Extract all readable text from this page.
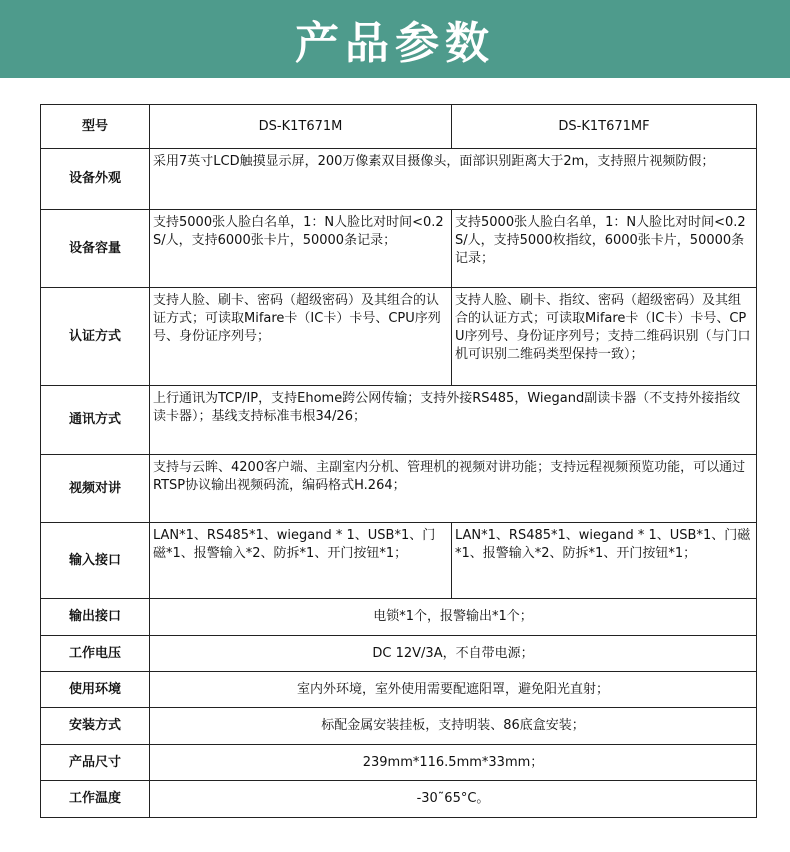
产品参数
型号	DS-K1T671M	DS-K1T671MF
设备外观	采用7英寸LCD触摸显示屏，200万像素双目摄像头，面部识别距离大于2m，支持照片视频防假；	
设备容量	支持5000张人脸白名单，1：N人脸比对时间<0.2S/人，支持6000张卡片，50000条记录；	支持5000张人脸白名单，1：N人脸比对时间<0.2S/人，支持5000枚指纹，6000张卡片，50000条记录；
认证方式	支持人脸、刷卡、密码（超级密码）及其组合的认证方式；可读取Mifare卡（IC卡）卡号、CPU序列号、身份证序列号；	支持人脸、刷卡、指纹、密码（超级密码）及其组合的认证方式；可读取Mifare卡（IC卡）卡号、CPU序列号、身份证序列号；支持二维码识别（与门口机可识别二维码类型保持一致）；
通讯方式	上行通讯为TCP/IP，支持Ehome跨公网传输；支持外接RS485，Wiegand副读卡器（不支持外接指纹读卡器）；基线支持标准韦根34/26；	
视频对讲	支持与云眸、4200客户端、主副室内分机、管理机的视频对讲功能；支持远程视频预览功能，可以通过RTSP协议输出视频码流，编码格式H.264；	
输入接口	LAN*1、RS485*1、wiegand * 1、USB*1、门磁*1、报警输入*2、防拆*1、开门按钮*1；	LAN*1、RS485*1、wiegand * 1、USB*1、门磁*1、报警输入*2、防拆*1、开门按钮*1；
输出接口	电锁*1个，报警输出*1个；	
工作电压	DC 12V/3A，不自带电源；	
使用环境	室内外环境，室外使用需要配遮阳罩，避免阳光直射；	
安装方式	标配金属安装挂板，支持明装、86底盒安装；	
产品尺寸	239mm*116.5mm*33mm；	
工作温度	-30˜65°C。	
